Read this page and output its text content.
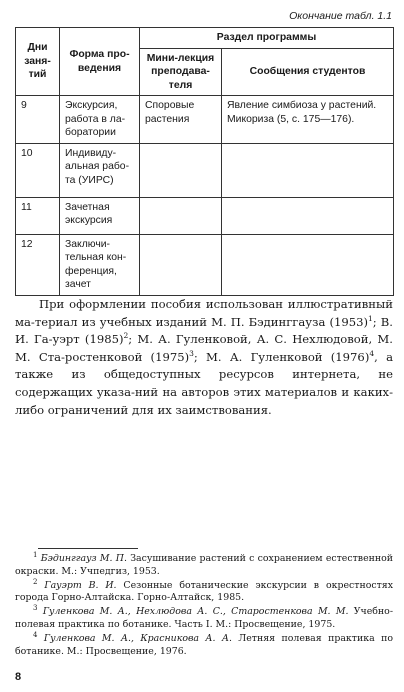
Окончание табл. 1.1
Дни заня-тий	Форма про-ведения	Раздел программы	
		Мини-лекция преподава-теля	Сообщения студентов
9	Экскурсия, работа в ла-боратории	Споровые растения	Явление симбиоза у растений. Микориза (5, с. 175—176).
10	Индивиду-альная рабо-та (УИРС)		
11	Зачетная экскурсия		
12	Заключи-тельная кон-ференция, зачет		

При оформлении пособия использован иллюстративный ма-териал из учебных изданий М. П. Бэдинггауза $(1953)^1$; В. И. Га-уэрт $(1985)^2$; М. А. Гуленковой, А. С. Нехлюдовой, М. М. Ста-ростенковой $(1975)^3$; М. А. Гуленковой $(1976)^4$, а также из общедоступных ресурсов интернета, не содержащих указа-ний на авторов этих материалов и каких-либо ограничений для их заимствования.

$^1$ Бэдинггауз М. П. Засушивание растений с сохранением естественной окраски. М.: Учпедгиз, 1953.

$^2$ Гауэрт В. И. Сезонные ботанические экскурсии в окрестностях города Горно-Алтайска. Горно-Алтайск, 1985.

$^3$ Гуленкова М. А., Нехлюдова А. С., Старостенкова М. М. Учебно-полевая практика по ботанике. Часть I. М.: Просвещение, 1975.

$^4$ Гуленкова М. А., Красникова А. А. Летняя полевая практика по ботанике. М.: Просвещение, 1976.

8
